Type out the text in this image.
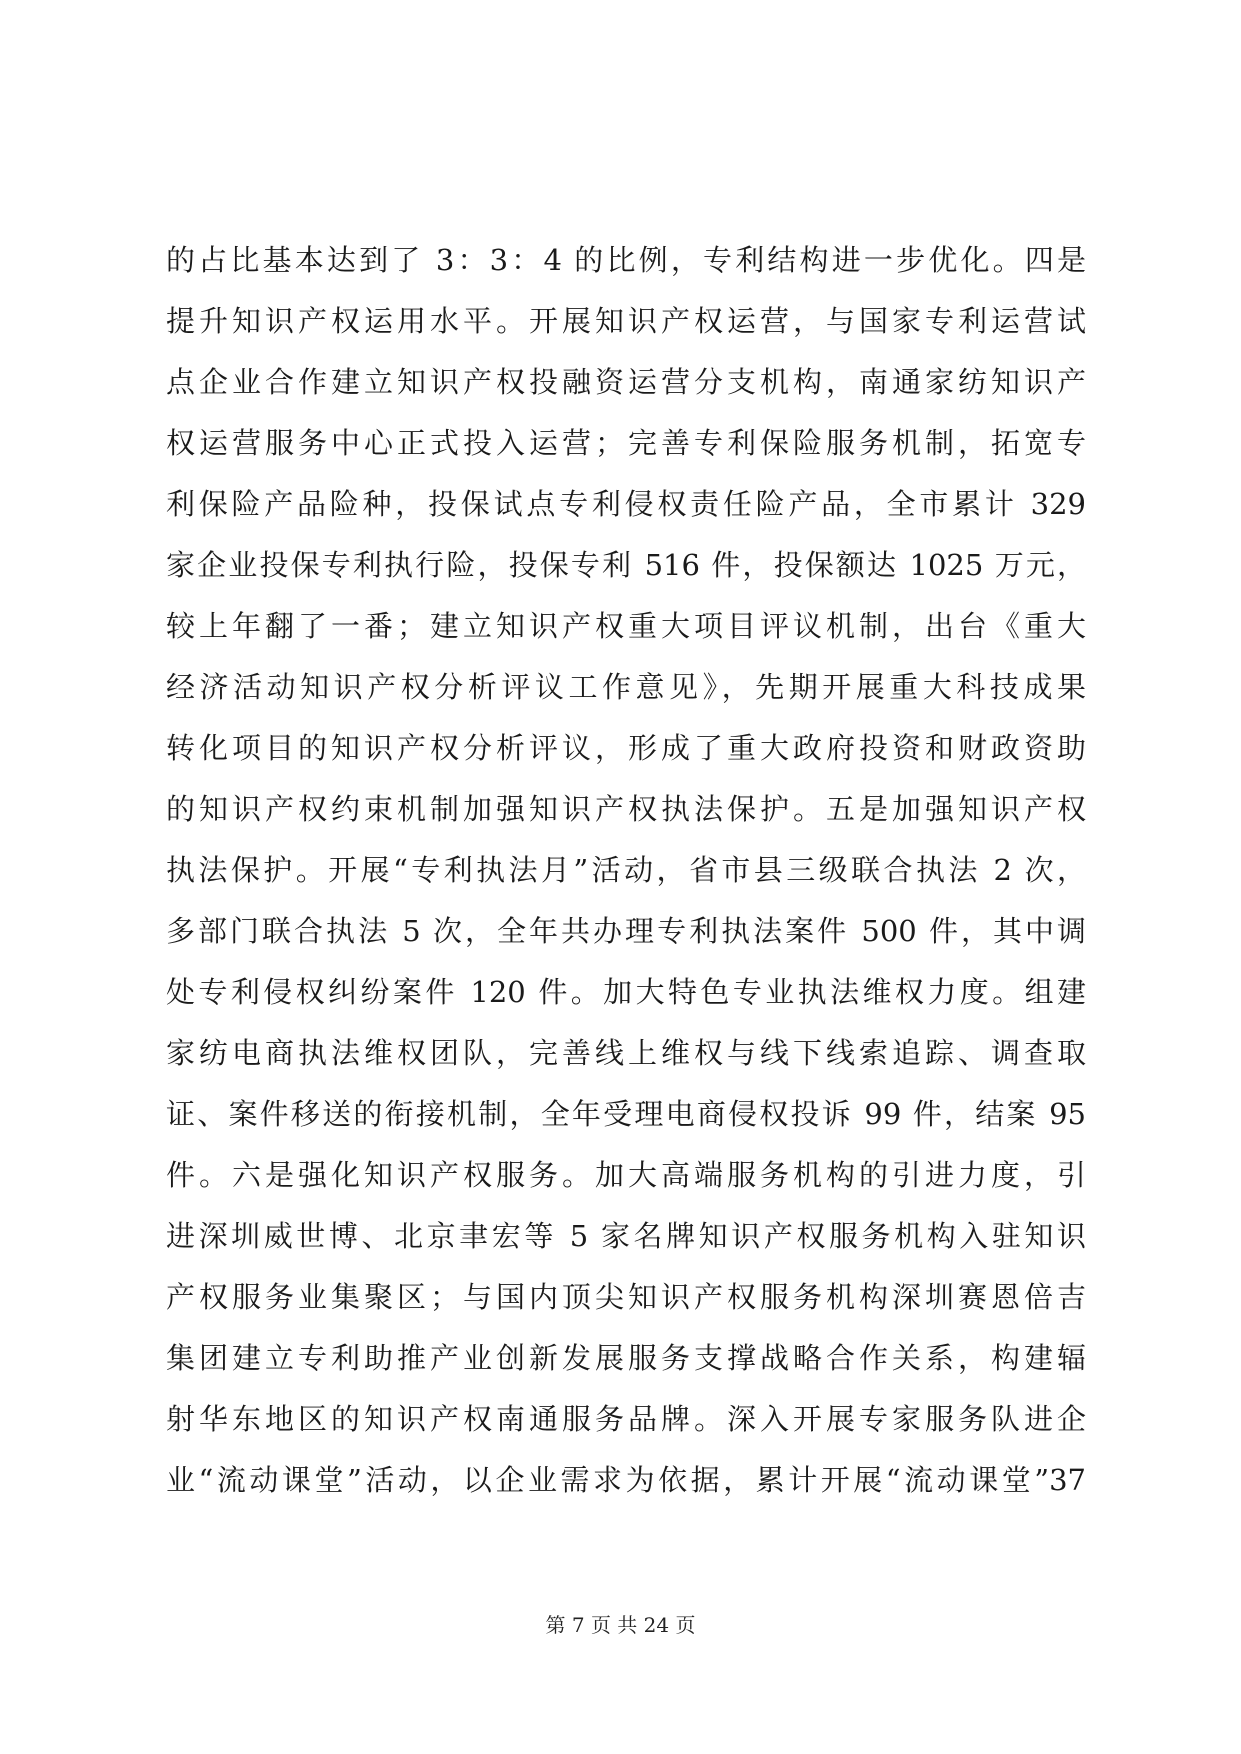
的占比基本达到了 3：3：4 的比例，专利结构进一步优化。四是
提升知识产权运用水平。开展知识产权运营，与国家专利运营试
点企业合作建立知识产权投融资运营分支机构，南通家纺知识产
权运营服务中心正式投入运营；完善专利保险服务机制，拓宽专
利保险产品险种，投保试点专利侵权责任险产品，全市累计 329
家企业投保专利执行险，投保专利 516 件，投保额达 1025 万元，
较上年翻了一番；建立知识产权重大项目评议机制，出台《重大
经济活动知识产权分析评议工作意见》，先期开展重大科技成果
转化项目的知识产权分析评议，形成了重大政府投资和财政资助
的知识产权约束机制加强知识产权执法保护。五是加强知识产权
执法保护。开展“专利执法月”活动，省市县三级联合执法 2 次，
多部门联合执法 5 次，全年共办理专利执法案件 500 件，其中调
处专利侵权纠纷案件 120 件。加大特色专业执法维权力度。组建
家纺电商执法维权团队，完善线上维权与线下线索追踪、调查取
证、案件移送的衔接机制，全年受理电商侵权投诉 99 件，结案 95
件。六是强化知识产权服务。加大高端服务机构的引进力度，引
进深圳威世博、北京聿宏等 5 家名牌知识产权服务机构入驻知识
产权服务业集聚区；与国内顶尖知识产权服务机构深圳赛恩倍吉
集团建立专利助推产业创新发展服务支撑战略合作关系，构建辐
射华东地区的知识产权南通服务品牌。深入开展专家服务队进企
业“流动课堂”活动，以企业需求为依据，累计开展“流动课堂”37
第 7 页 共 24 页
